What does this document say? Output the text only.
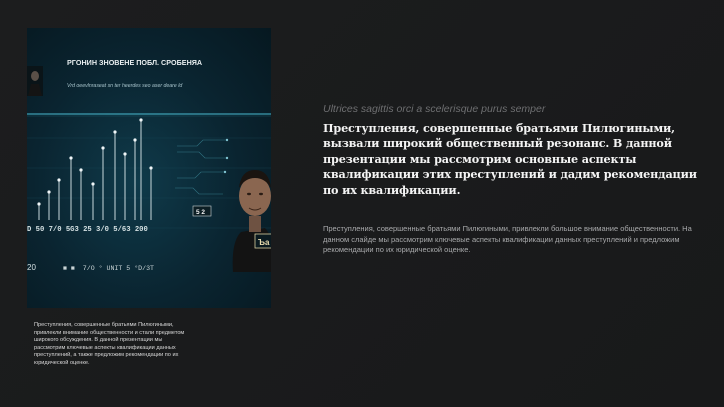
PГOHИH ЗHOBEHE ПOБЛ. CPOБEHЯA
Vrd oeevlnraseat sn ter heerdes seo aser deare ld
5 2
Ъa
D 50 7/0 5G3 25 3/0 5/63 200
20	■ ■  7/O ° UNIT 5 °D/3T
Преступления, совершенные братьями Пилюгиными, привлекли внимание общественности и стали предметом широкого обсуждения. В данной презентации мы рассмотрим ключевые аспекты квалификации данных преступлений, а также предложим рекомендации по их юридической оценке.
Ultrices sagittis orci a scelerisque purus semper
Преступления, совершенные братьями Пилюгиными, вызвали широкий общественный резонанс. В данной презентации мы рассмотрим основные аспекты квалификации этих преступлений и дадим рекомендации по их квалификации.
Преступления, совершенные братьями Пилюгиными, привлекли большое внимание общественности. На данном слайде мы рассмотрим ключевые аспекты квалификации данных преступлений и предложим рекомендации по их юридической оценке.
